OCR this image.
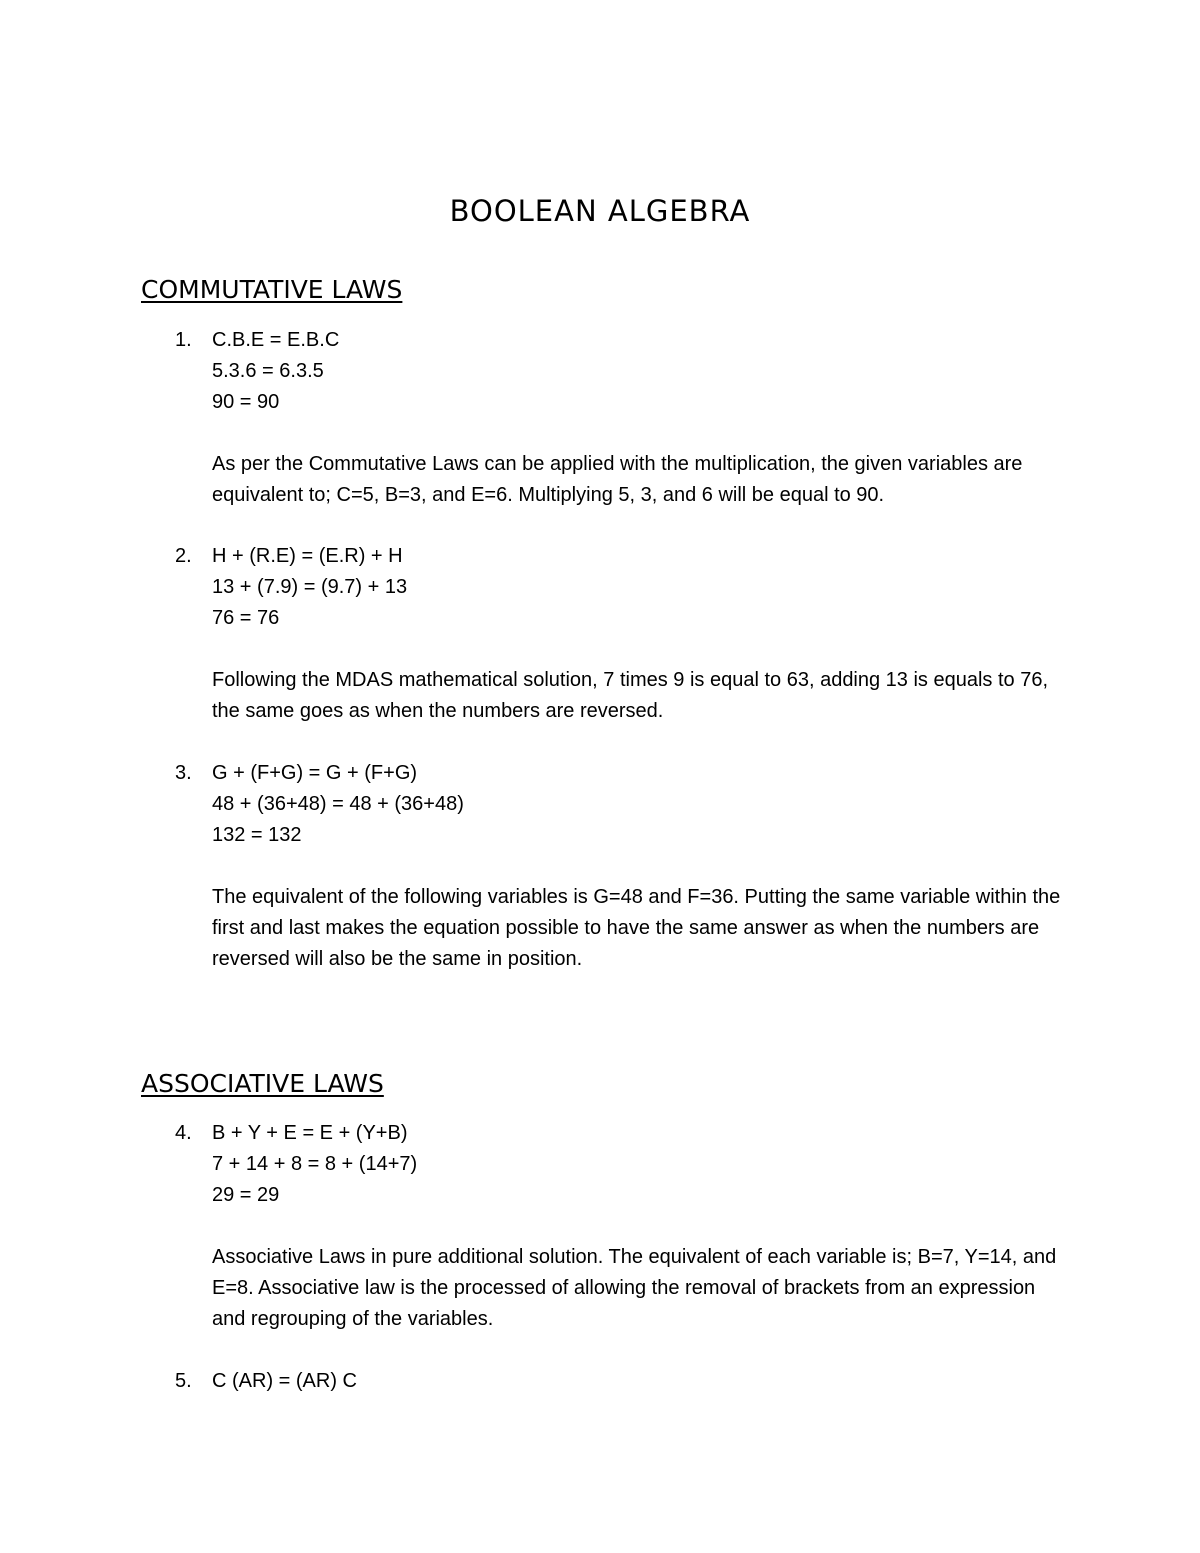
BOOLEAN ALGEBRA
COMMUTATIVE LAWS
1.	C.B.E = E.B.C
5.3.6 = 6.3.5
90 = 90
As per the Commutative Laws can be applied with the multiplication, the given variables are equivalent to; C=5, B=3, and E=6. Multiplying 5, 3, and 6 will be equal to 90.
2.	H + (R.E) = (E.R) + H
13 + (7.9) = (9.7) + 13
76 = 76
Following the MDAS mathematical solution, 7 times 9 is equal to 63, adding 13 is equals to 76, the same goes as when the numbers are reversed.
3.	G + (F+G) = G + (F+G)
48 + (36+48) = 48 + (36+48)
132 = 132
The equivalent of the following variables is G=48 and F=36. Putting the same variable within the first and last makes the equation possible to have the same answer as when the numbers are reversed will also be the same in position.
ASSOCIATIVE LAWS
4.	B + Y + E = E + (Y+B)
7 + 14 + 8 = 8 + (14+7)
29 = 29
Associative Laws in pure additional solution. The equivalent of each variable is; B=7, Y=14, and E=8. Associative law is the processed of allowing the removal of brackets from an expression and regrouping of the variables.
5.	C (AR) = (AR) C
